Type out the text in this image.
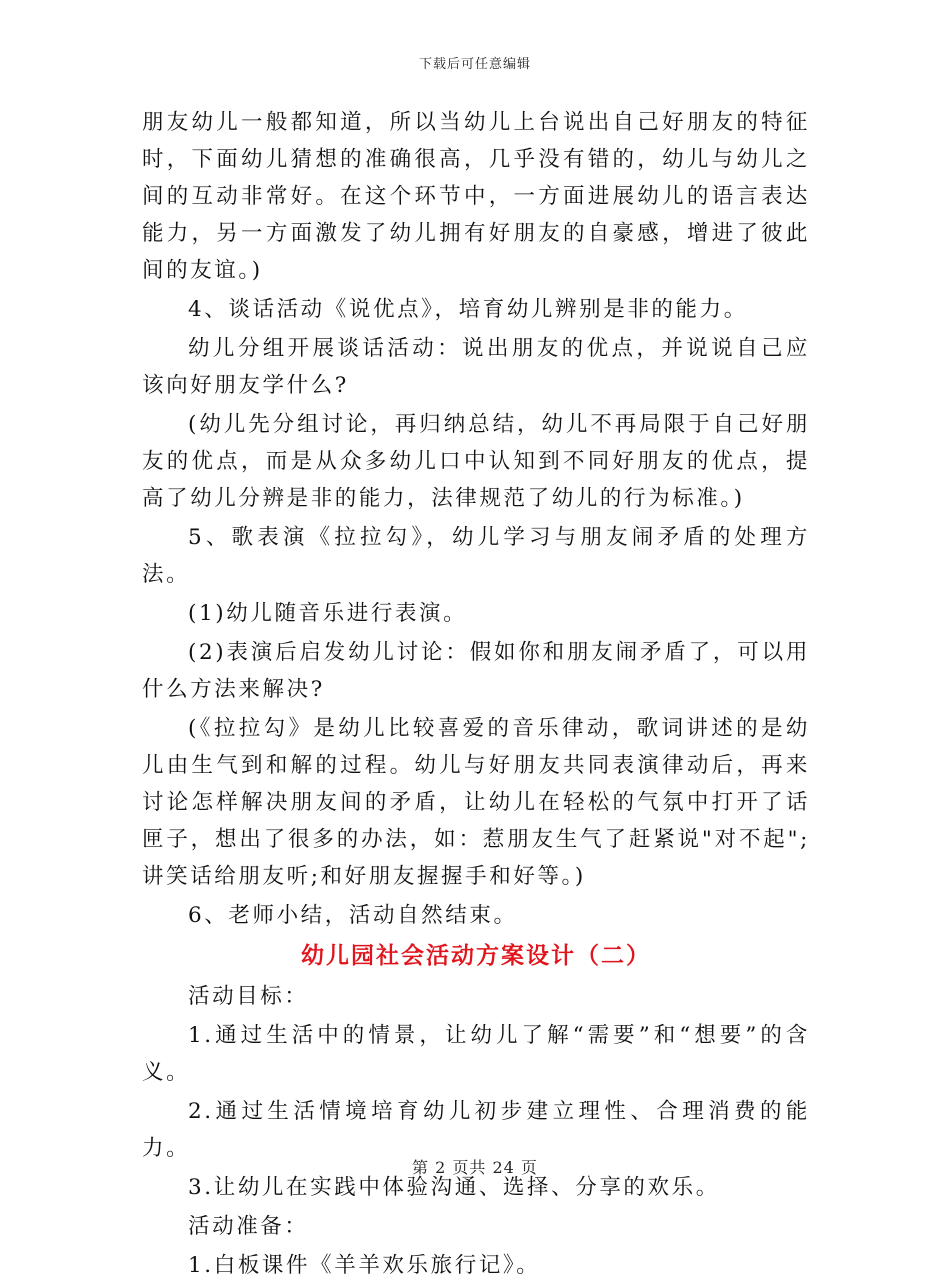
下载后可任意编辑

朋友幼儿一般都知道，所以当幼儿上台说出自己好朋友的特征时，下面幼儿猜想的准确很高，几乎没有错的，幼儿与幼儿之间的互动非常好。在这个环节中，一方面进展幼儿的语言表达能力，另一方面激发了幼儿拥有好朋友的自豪感，增进了彼此间的友谊。)

4、谈话活动《说优点》，培育幼儿辨别是非的能力。

幼儿分组开展谈话活动：说出朋友的优点，并说说自己应该向好朋友学什么?

(幼儿先分组讨论，再归纳总结，幼儿不再局限于自己好朋友的优点，而是从众多幼儿口中认知到不同好朋友的优点，提高了幼儿分辨是非的能力，法律规范了幼儿的行为标准。)

5、歌表演《拉拉勾》，幼儿学习与朋友闹矛盾的处理方法。

(1)幼儿随音乐进行表演。

(2)表演后启发幼儿讨论：假如你和朋友闹矛盾了，可以用什么方法来解决?

(《拉拉勾》是幼儿比较喜爱的音乐律动，歌词讲述的是幼儿由生气到和解的过程。幼儿与好朋友共同表演律动后，再来讨论怎样解决朋友间的矛盾，让幼儿在轻松的气氛中打开了话匣子，想出了很多的办法，如：惹朋友生气了赶紧说"对不起";讲笑话给朋友听;和好朋友握握手和好等。)

6、老师小结，活动自然结束。

幼儿园社会活动方案设计（二）

活动目标：

1.通过生活中的情景，让幼儿了解“需要”和“想要”的含义。

2.通过生活情境培育幼儿初步建立理性、合理消费的能力。

3.让幼儿在实践中体验沟通、选择、分享的欢乐。

活动准备：

1.白板课件《羊羊欢乐旅行记》。

第 2 页共 24 页
